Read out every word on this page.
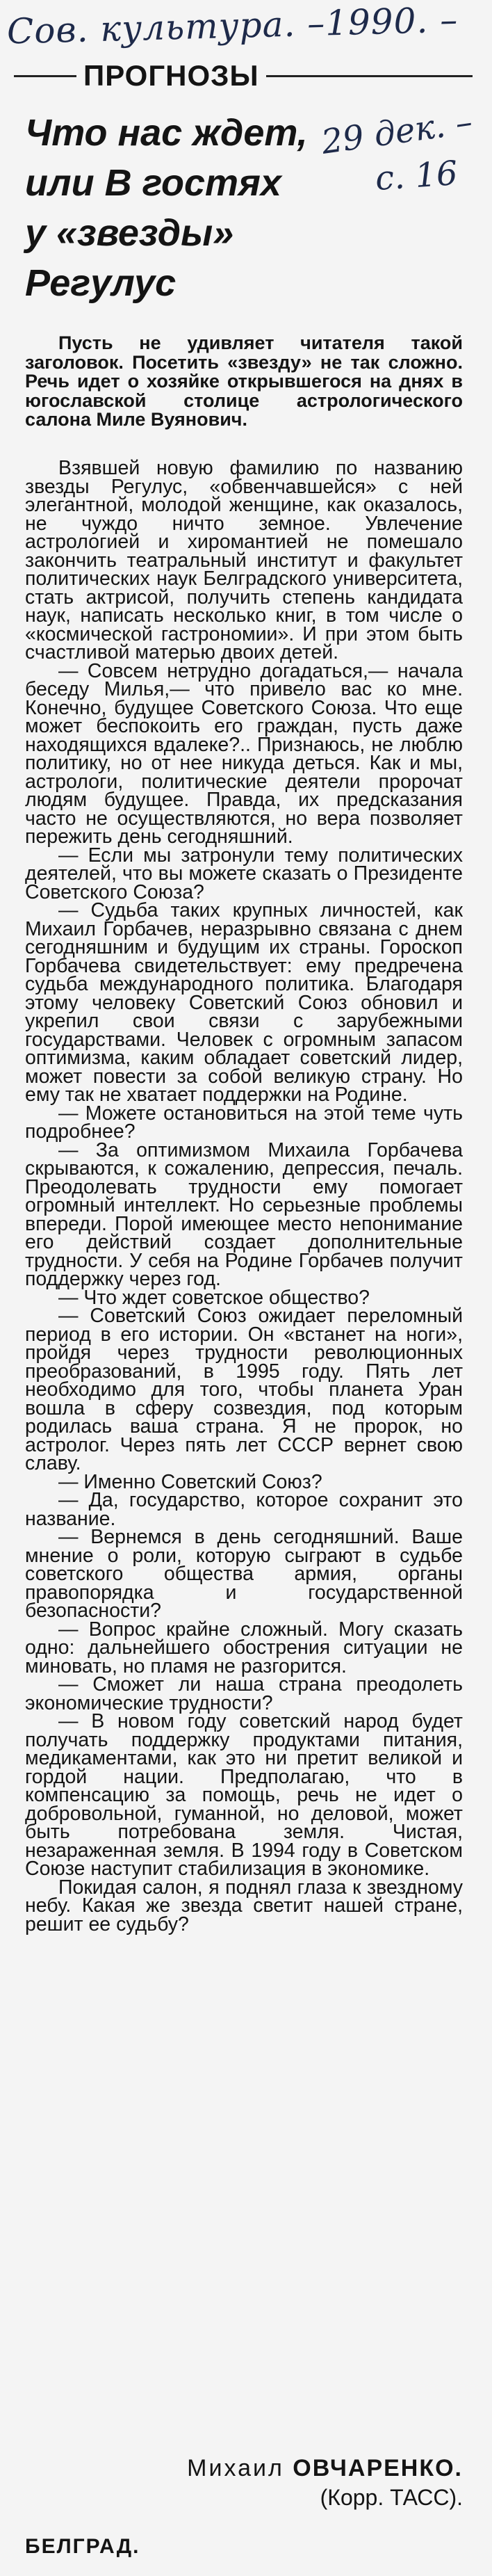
Сов. культура. –1990. –
29 дек. –
с. 16
ПРОГНОЗЫ
Что нас ждет,
или В гостях
у «звезды»
Регулус

Пусть не удивляет читателя такой заголовок. Посетить «звезду» не так сложно. Речь идет о хозяйке открывшегося на днях в югославской столице астрологического салона Миле Вуянович.

Взявшей новую фамилию по названию звезды Регулус, «обвенчавшейся» с ней элегантной, молодой женщине, как оказалось, не чуждо ничто земное. Увлечение астрологией и хиромантией не помешало закончить театральный институт и факультет политических наук Белградского университета, стать актрисой, получить степень кандидата наук, написать несколько книг, в том числе о «космической гастрономии». И при этом быть счастливой матерью двоих детей.

— Совсем нетрудно догадаться,— начала беседу Милья,— что привело вас ко мне. Конечно, будущее Советского Союза. Что еще может беспокоить его граждан, пусть даже находящихся вдалеке?.. Признаюсь, не люблю политику, но от нее никуда деться. Как и мы, астрологи, политические деятели пророчат людям будущее. Правда, их предсказания часто не осуществляются, но вера позволяет пережить день сегодняшний.

— Если мы затронули тему политических деятелей, что вы можете сказать о Президенте Советского Союза?

— Судьба таких крупных личностей, как Михаил Горбачев, неразрывно связана с днем сегодняшним и будущим их страны. Гороскоп Горбачева свидетельствует: ему предречена судьба международного политика. Благодаря этому человеку Советский Союз обновил и укрепил свои связи с зарубежными государствами. Человек с огромным запасом оптимизма, каким обладает советский лидер, может повести за собой великую страну. Но ему так не хватает поддержки на Родине.

— Можете остановиться на этой теме чуть подробнее?

— За оптимизмом Михаила Горбачева скрываются, к сожалению, депрессия, печаль. Преодолевать трудности ему помогает огромный интеллект. Но серьезные проблемы впереди. Порой имеющее место непонимание его действий создает дополнительные трудности. У себя на Родине Горбачев получит поддержку через год.

— Что ждет советское общество?

— Советский Союз ожидает переломный период в его истории. Он «встанет на ноги», пройдя через трудности революционных преобразований, в 1995 году. Пять лет необходимо для того, чтобы планета Уран вошла в сферу созвездия, под которым родилась ваша страна. Я не пророк, но астролог. Через пять лет СССР вернет свою славу.

— Именно Советский Союз?

— Да, государство, которое сохранит это название.

— Вернемся в день сегодняшний. Ваше мнение о роли, которую сыграют в судьбе советского общества армия, органы правопорядка и государственной безопасности?

— Вопрос крайне сложный. Могу сказать одно: дальнейшего обострения ситуации не миновать, но пламя не разгорится.

— Сможет ли наша страна преодолеть экономические трудности?

— В новом году советский народ будет получать поддержку продуктами питания, медикаментами, как это ни претит великой и гордой нации. Предполагаю, что в компенсацию за помощь, речь не идет о добровольной, гуманной, но деловой, может быть потребована земля. Чистая, незараженная земля. В 1994 году в Советском Союзе наступит стабилизация в экономике.

Покидая салон, я поднял глаза к звездному небу. Какая же звезда светит нашей стране, решит ее судьбу?

Михаил ОВЧАРЕНКО.
(Корр. ТАСС).
БЕЛГРАД.
